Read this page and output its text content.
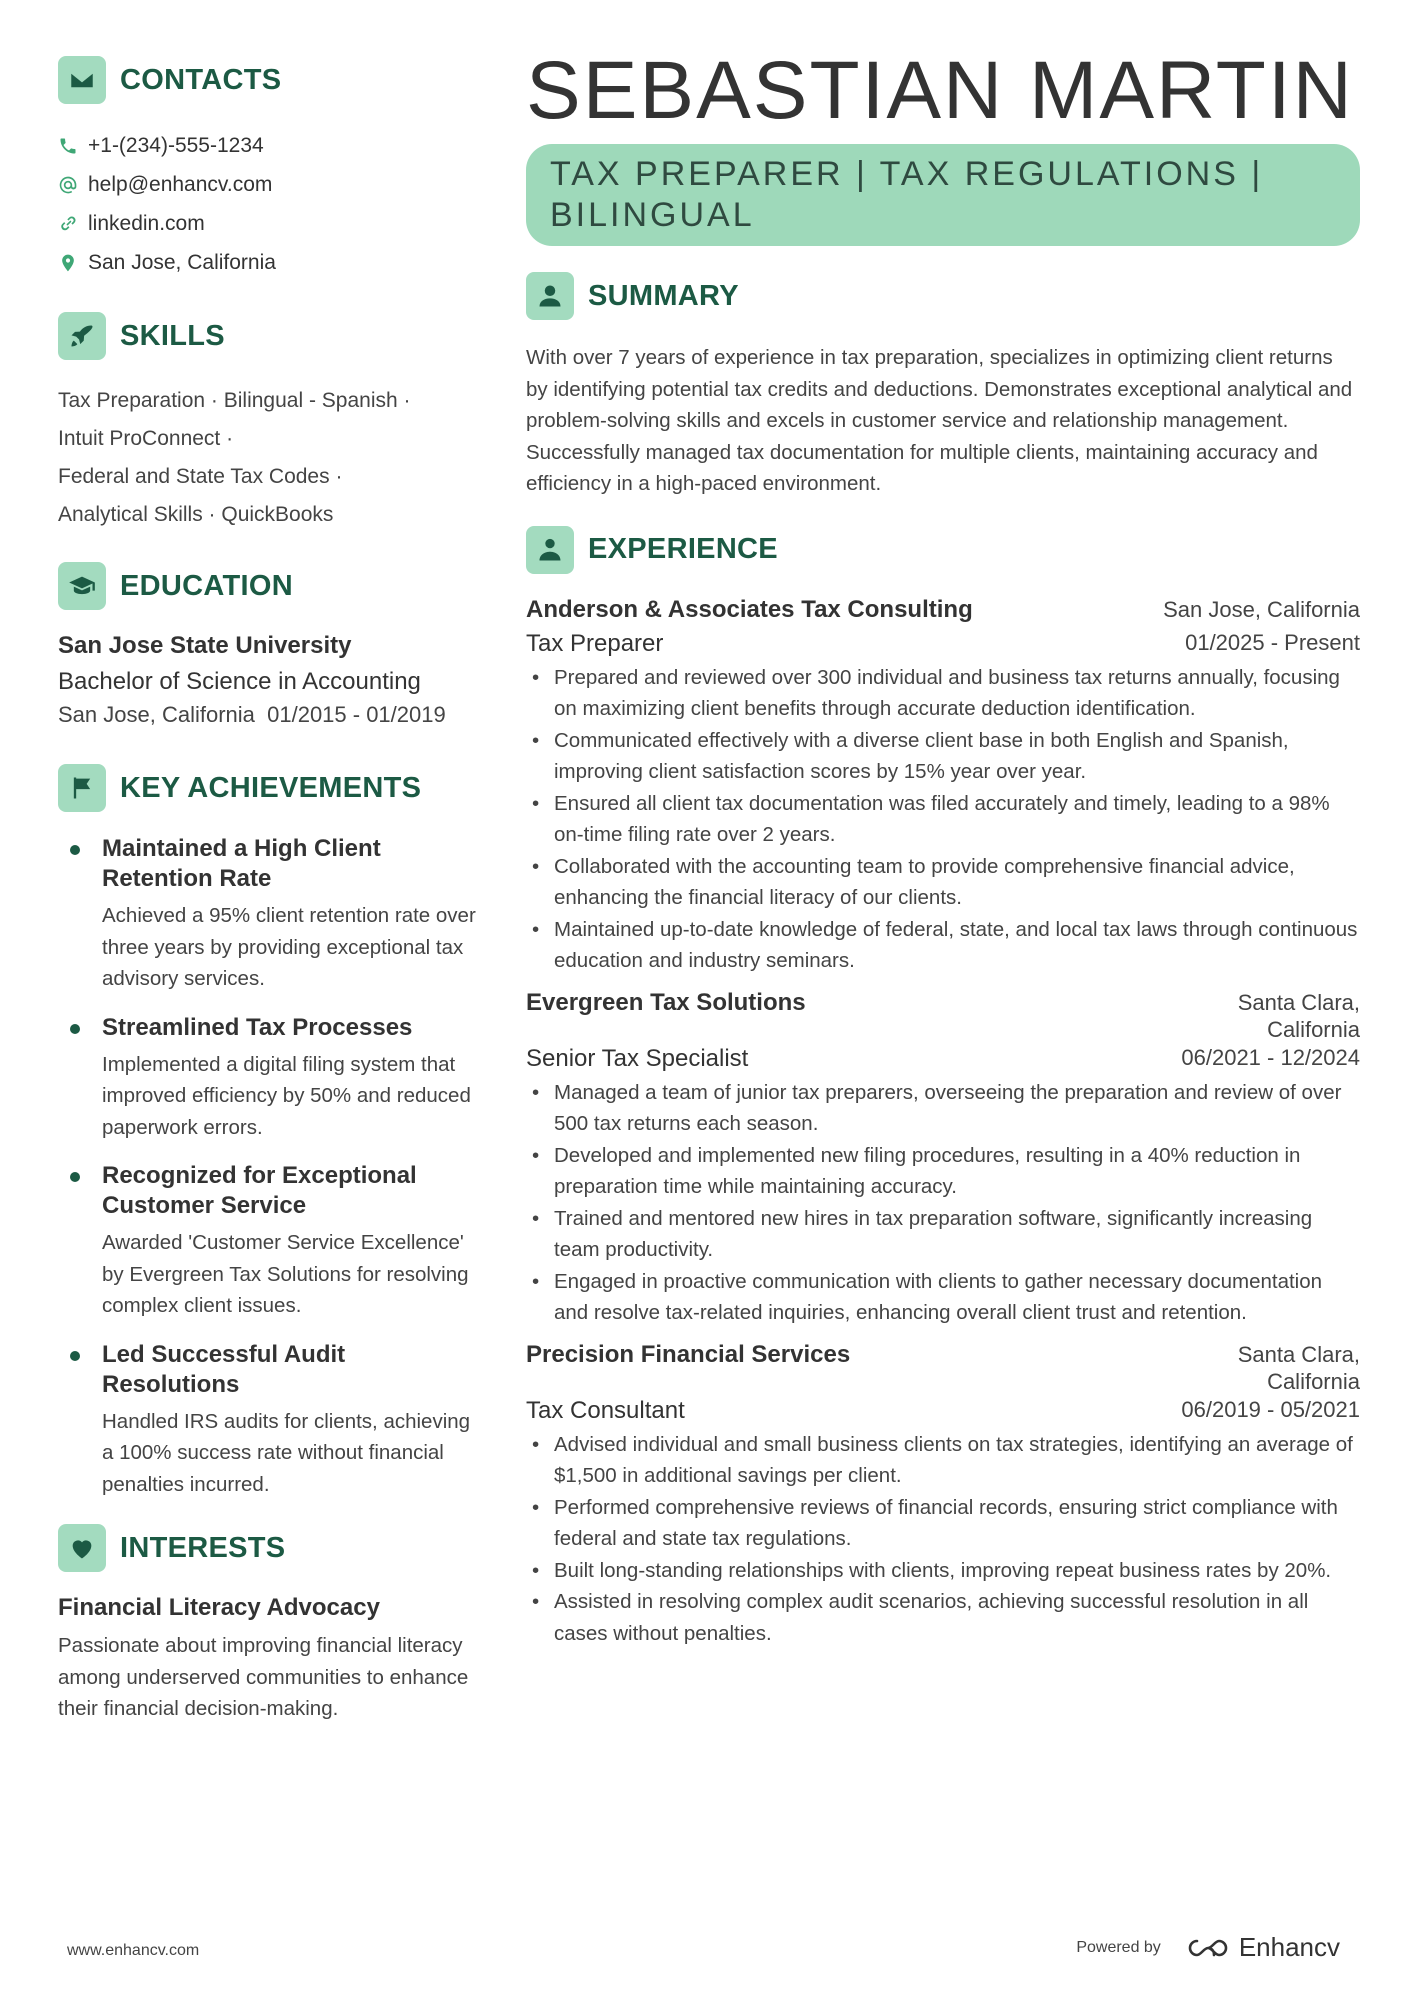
CONTACTS
+1-(234)-555-1234
help@enhancv.com
linkedin.com
San Jose, California
SKILLS
Tax Preparation · Bilingual - Spanish ·
Intuit ProConnect ·
Federal and State Tax Codes ·
Analytical Skills · QuickBooks
EDUCATION
San Jose State University
Bachelor of Science in Accounting
San Jose, California 01/2015 - 01/2019
KEY ACHIEVEMENTS
Maintained a High Client Retention Rate
Achieved a 95% client retention rate over three years by providing exceptional tax advisory services.
Streamlined Tax Processes
Implemented a digital filing system that improved efficiency by 50% and reduced paperwork errors.
Recognized for Exceptional Customer Service
Awarded 'Customer Service Excellence' by Evergreen Tax Solutions for resolving complex client issues.
Led Successful Audit Resolutions
Handled IRS audits for clients, achieving a 100% success rate without financial penalties incurred.
INTERESTS
Financial Literacy Advocacy
Passionate about improving financial literacy among underserved communities to enhance their financial decision-making.
SEBASTIAN MARTIN
TAX PREPARER | TAX REGULATIONS | BILINGUAL
SUMMARY
With over 7 years of experience in tax preparation, specializes in optimizing client returns by identifying potential tax credits and deductions. Demonstrates exceptional analytical and problem-solving skills and excels in customer service and relationship management. Successfully managed tax documentation for multiple clients, maintaining accuracy and efficiency in a high-paced environment.
EXPERIENCE
Anderson & Associates Tax Consulting	San Jose, California
Tax Preparer	01/2025 - Present
• Prepared and reviewed over 300 individual and business tax returns annually, focusing on maximizing client benefits through accurate deduction identification.
• Communicated effectively with a diverse client base in both English and Spanish, improving client satisfaction scores by 15% year over year.
• Ensured all client tax documentation was filed accurately and timely, leading to a 98% on-time filing rate over 2 years.
• Collaborated with the accounting team to provide comprehensive financial advice, enhancing the financial literacy of our clients.
• Maintained up-to-date knowledge of federal, state, and local tax laws through continuous education and industry seminars.
Evergreen Tax Solutions	Santa Clara,
California
Senior Tax Specialist	06/2021 - 12/2024
• Managed a team of junior tax preparers, overseeing the preparation and review of over 500 tax returns each season.
• Developed and implemented new filing procedures, resulting in a 40% reduction in preparation time while maintaining accuracy.
• Trained and mentored new hires in tax preparation software, significantly increasing team productivity.
• Engaged in proactive communication with clients to gather necessary documentation and resolve tax-related inquiries, enhancing overall client trust and retention.
Precision Financial Services	Santa Clara,
California
Tax Consultant	06/2019 - 05/2021
• Advised individual and small business clients on tax strategies, identifying an average of $1,500 in additional savings per client.
• Performed comprehensive reviews of financial records, ensuring strict compliance with federal and state tax regulations.
• Built long-standing relationships with clients, improving repeat business rates by 20%.
• Assisted in resolving complex audit scenarios, achieving successful resolution in all cases without penalties.
www.enhancv.com	Powered by	Enhancv
